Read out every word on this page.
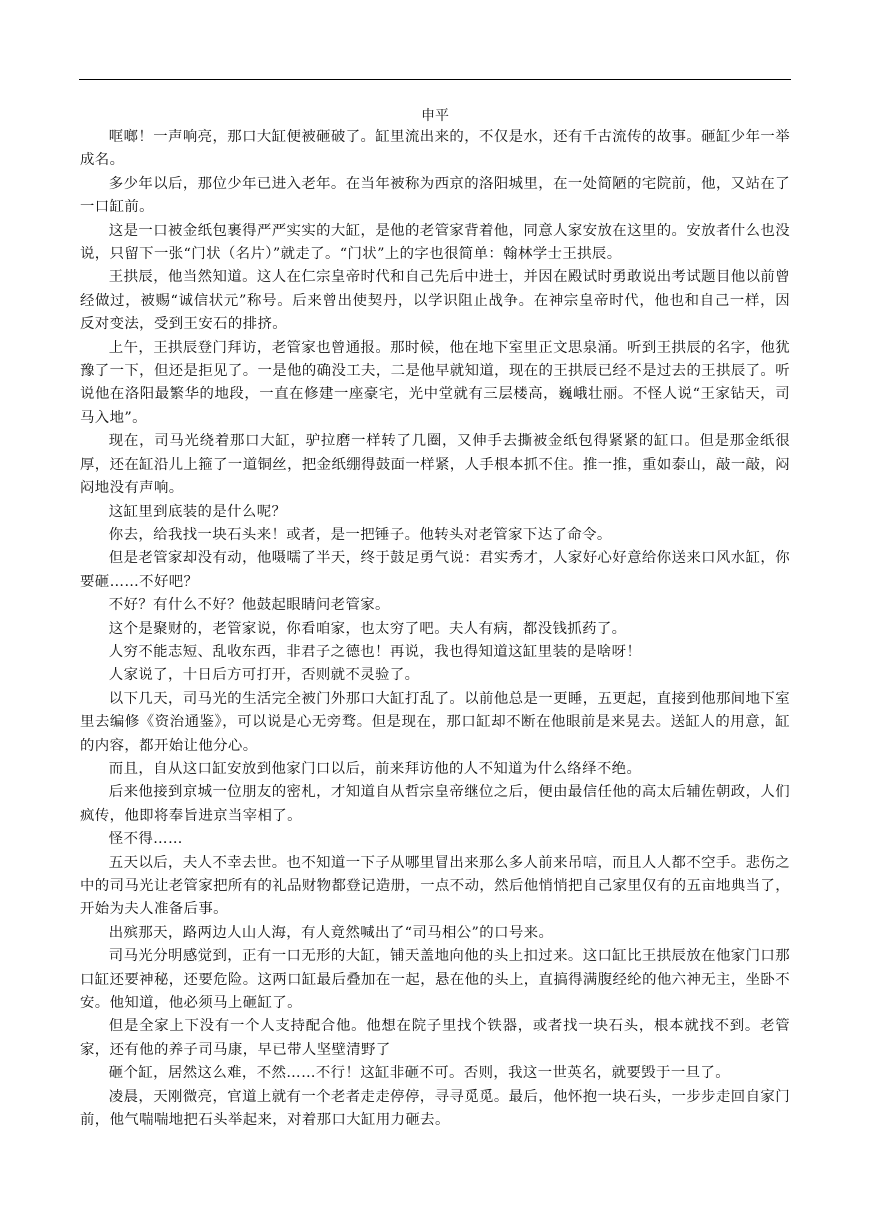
申平

哐啷！一声响亮，那口大缸便被砸破了。缸里流出来的，不仅是水，还有千古流传的故事。砸缸少年一举成名。

多少年以后，那位少年已进入老年。在当年被称为西京的洛阳城里，在一处简陋的宅院前，他，又站在了一口缸前。

这是一口被金纸包裹得严严实实的大缸，是他的老管家背着他，同意人家安放在这里的。安放者什么也没说，只留下一张“门状（名片）”就走了。“门状”上的字也很简单：翰林学士王拱辰。

王拱辰，他当然知道。这人在仁宗皇帝时代和自己先后中进士，并因在殿试时勇敢说出考试题目他以前曾经做过，被赐“诚信状元”称号。后来曾出使契丹，以学识阻止战争。在神宗皇帝时代，他也和自己一样，因反对变法，受到王安石的排挤。

上午，王拱辰登门拜访，老管家也曾通报。那时候，他在地下室里正文思泉涌。听到王拱辰的名字，他犹豫了一下，但还是拒见了。一是他的确没工夫，二是他早就知道，现在的王拱辰已经不是过去的王拱辰了。听说他在洛阳最繁华的地段，一直在修建一座豪宅，光中堂就有三层楼高，巍峨壮丽。不怪人说“王家钻天，司马入地”。

现在，司马光绕着那口大缸，驴拉磨一样转了几圈，又伸手去撕被金纸包得紧紧的缸口。但是那金纸很厚，还在缸沿儿上箍了一道铜丝，把金纸绷得鼓面一样紧，人手根本抓不住。推一推，重如泰山，敲一敲，闷闷地没有声响。

这缸里到底装的是什么呢？

你去，给我找一块石头来！或者，是一把锤子。他转头对老管家下达了命令。

但是老管家却没有动，他嗫嚅了半天，终于鼓足勇气说：君实秀才，人家好心好意给你送来口风水缸，你要砸……不好吧？

不好？有什么不好？他鼓起眼睛问老管家。

这个是聚财的，老管家说，你看咱家，也太穷了吧。夫人有病，都没钱抓药了。

人穷不能志短、乱收东西，非君子之德也！再说，我也得知道这缸里装的是啥呀！

人家说了，十日后方可打开，否则就不灵验了。

以下几天，司马光的生活完全被门外那口大缸打乱了。以前他总是一更睡，五更起，直接到他那间地下室里去编修《资治通鉴》，可以说是心无旁骛。但是现在，那口缸却不断在他眼前是来晃去。送缸人的用意，缸的内容，都开始让他分心。

而且，自从这口缸安放到他家门口以后，前来拜访他的人不知道为什么络绎不绝。

后来他接到京城一位朋友的密札，才知道自从哲宗皇帝继位之后，便由最信任他的高太后辅佐朝政，人们疯传，他即将奉旨进京当宰相了。

怪不得……

五天以后，夫人不幸去世。也不知道一下子从哪里冒出来那么多人前来吊唁，而且人人都不空手。悲伤之中的司马光让老管家把所有的礼品财物都登记造册，一点不动，然后他悄悄把自己家里仅有的五亩地典当了，开始为夫人准备后事。

出殡那天，路两边人山人海，有人竟然喊出了“司马相公”的口号来。

司马光分明感觉到，正有一口无形的大缸，铺天盖地向他的头上扣过来。这口缸比王拱辰放在他家门口那口缸还要神秘，还要危险。这两口缸最后叠加在一起，悬在他的头上，直搞得满腹经纶的他六神无主，坐卧不安。他知道，他必须马上砸缸了。

但是全家上下没有一个人支持配合他。他想在院子里找个铁器，或者找一块石头，根本就找不到。老管家，还有他的养子司马康，早已带人坚壁清野了

砸个缸，居然这么难，不然……不行！这缸非砸不可。否则，我这一世英名，就要毁于一旦了。

凌晨，天刚微亮，官道上就有一个老者走走停停，寻寻觅觅。最后，他怀抱一块石头，一步步走回自家门前，他气喘喘地把石头举起来，对着那口大缸用力砸去。
